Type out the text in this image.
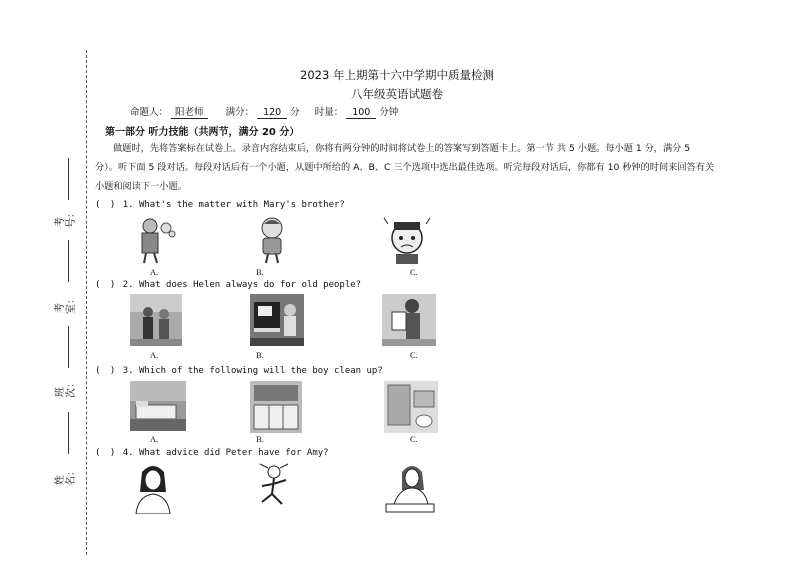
考号：
考室：
班次：
姓名：
2023 年上期第十六中学期中质量检测
八年级英语试题卷
命题人： 阳老师 满分： 120 分 时量： 100 分钟
第一部分 听力技能（共两节，满分 20 分）
做题时，先将答案标在试卷上。录音内容结束后，你将有两分钟的时间将试卷上的答案写到答题卡上。第一节 共 5 小题。每小题 1 分，满分 5 分）。听下面 5 段对话。每段对话后有一个小题，从题中所给的 A、B、C 三个选项中选出最佳选项。听完每段对话后，你都有 10 秒钟的时间来回答有关小题和阅读下一小题。
( ) 1. What's the matter with Mary's brother?
A.	B.	C.
( ) 2. What does Helen always do for old people?
A.	B.	C.
( ) 3. Which of the following will the boy clean up?
A.	B.	C.
( ) 4. What advice did Peter have for Amy?
